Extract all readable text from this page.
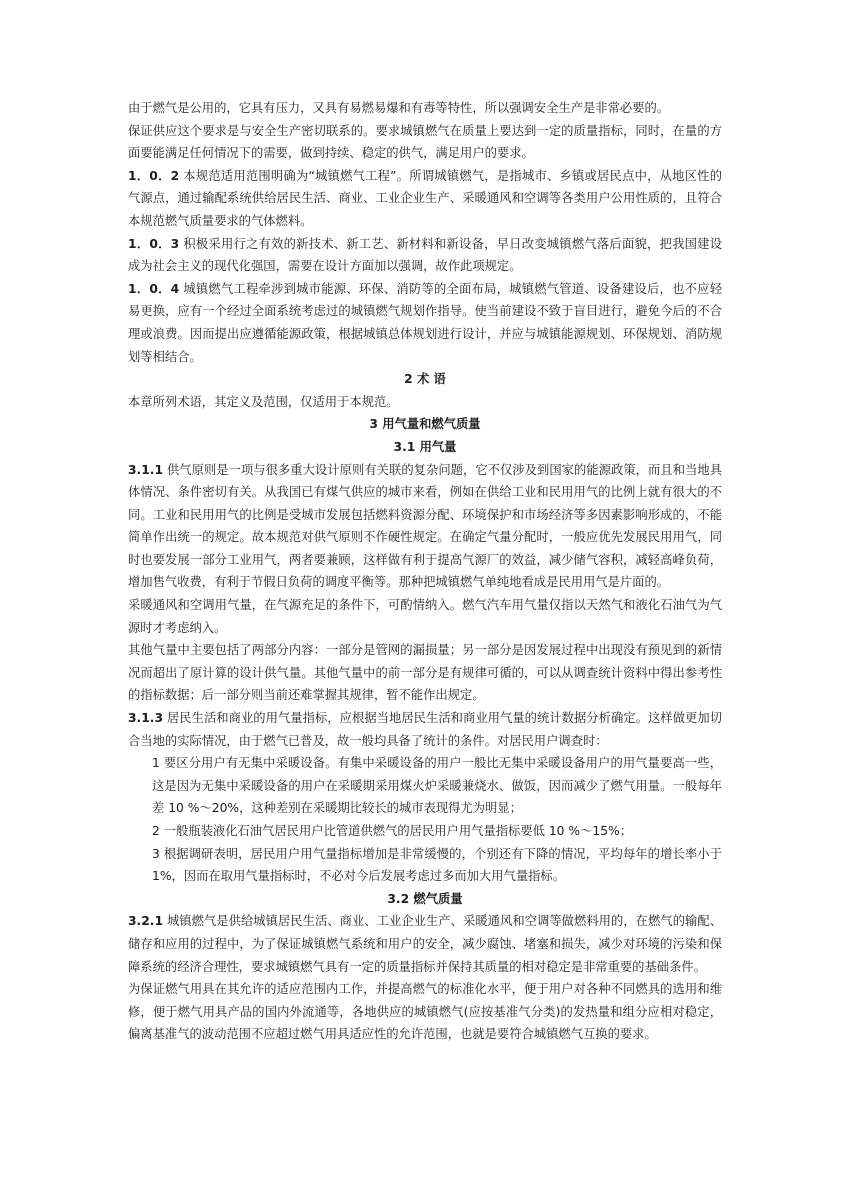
由于燃气是公用的，它具有压力，又具有易燃易爆和有毒等特性，所以强调安全生产是非常必要的。

保证供应这个要求是与安全生产密切联系的。要求城镇燃气在质量上要达到一定的质量指标，同时，在量的方面要能满足任何情况下的需要，做到持续、稳定的供气，满足用户的要求。

1．0．2 本规范适用范围明确为“城镇燃气工程”。所谓城镇燃气，是指城市、乡镇或居民点中，从地区性的气源点，通过输配系统供给居民生活、商业、工业企业生产、采暖通风和空调等各类用户公用性质的，且符合本规范燃气质量要求的气体燃料。

1．0．3 积极采用行之有效的新技术、新工艺、新材料和新设备，早日改变城镇燃气落后面貌，把我国建设成为社会主义的现代化强国，需要在设计方面加以强调，故作此项规定。

1．0．4 城镇燃气工程牵涉到城市能源、环保、消防等的全面布局，城镇燃气管道、设备建设后，也不应轻易更换，应有一个经过全面系统考虑过的城镇燃气规划作指导。使当前建设不致于盲目进行，避免今后的不合理或浪费。因而提出应遵循能源政策，根据城镇总体规划进行设计，并应与城镇能源规划、环保规划、消防规划等相结合。

2 术 语

本章所列术语，其定义及范围，仅适用于本规范。

3 用气量和燃气质量
3.1 用气量

3.1.1 供气原则是一项与很多重大设计原则有关联的复杂问题，它不仅涉及到国家的能源政策，而且和当地具体情况、条件密切有关。从我国已有煤气供应的城市来看，例如在供给工业和民用用气的比例上就有很大的不同。工业和民用用气的比例是受城市发展包括燃料资源分配、环境保护和市场经济等多因素影响形成的，不能简单作出统一的规定。故本规范对供气原则不作硬性规定。在确定气量分配时，一般应优先发展民用用气，同时也要发展一部分工业用气，两者要兼顾，这样做有利于提高气源厂的效益，减少储气容积，减轻高峰负荷，增加售气收费，有利于节假日负荷的调度平衡等。那种把城镇燃气单纯地看成是民用用气是片面的。

采暖通风和空调用气量，在气源充足的条件下，可酌情纳入。燃气汽车用气量仅指以天然气和液化石油气为气源时才考虑纳入。

其他气量中主要包括了两部分内容：一部分是管网的漏损量；另一部分是因发展过程中出现没有预见到的新情况而超出了原计算的设计供气量。其他气量中的前一部分是有规律可循的，可以从调查统计资料中得出参考性的指标数据；后一部分则当前还难掌握其规律，暂不能作出规定。

3.1.3 居民生活和商业的用气量指标，应根据当地居民生活和商业用气量的统计数据分析确定。这样做更加切合当地的实际情况，由于燃气已普及，故一般均具备了统计的条件。对居民用户调查时：

1 要区分用户有无集中采暖设备。有集中采暖设备的用户一般比无集中采暖设备用户的用气量要高一些，这是因为无集中采暖设备的用户在采暖期采用煤火炉采暖兼烧水、做饭，因而减少了燃气用量。一般每年差 10 %～20%，这种差别在采暖期比较长的城市表现得尤为明显；

2 一般瓶装液化石油气居民用户比管道供燃气的居民用户用气量指标要低 10 %～15%；

3 根据调研表明，居民用户用气量指标增加是非常缓慢的，个别还有下降的情况，平均每年的增长率小于 1%，因而在取用气量指标时，不必对今后发展考虑过多而加大用气量指标。

3.2 燃气质量

3.2.1 城镇燃气是供给城镇居民生活、商业、工业企业生产、采暖通风和空调等做燃料用的，在燃气的输配、储存和应用的过程中，为了保证城镇燃气系统和用户的安全，减少腐蚀、堵塞和损失，减少对环境的污染和保障系统的经济合理性，要求城镇燃气具有一定的质量指标并保持其质量的相对稳定是非常重要的基础条件。

为保证燃气用具在其允许的适应范围内工作，并提高燃气的标准化水平，便于用户对各种不同燃具的选用和维修，便于燃气用具产品的国内外流通等，各地供应的城镇燃气(应按基准气分类)的发热量和组分应相对稳定，偏离基准气的波动范围不应超过燃气用具适应性的允许范围，也就是要符合城镇燃气互换的要求。
